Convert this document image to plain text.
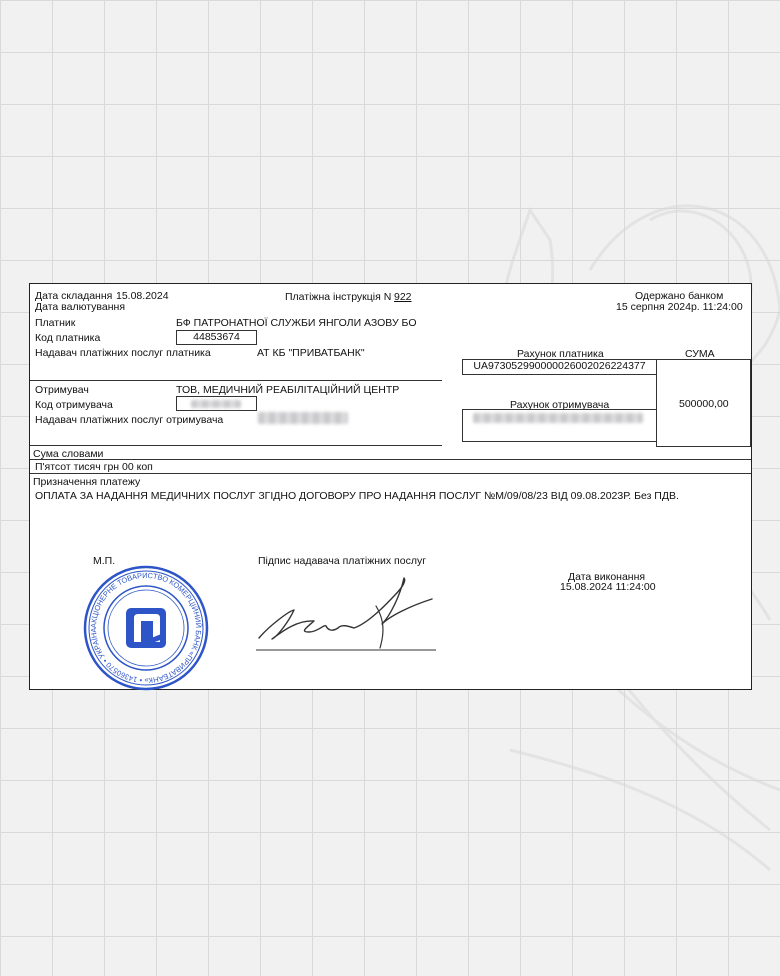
Дата складання 15.08.2024
Дата валютування
Платіжна інструкція N 922	Одержано банком
15 серпня 2024р. 11:24:00
Платник	БФ ПАТРОНАТНОЇ СЛУЖБИ ЯНГОЛИ АЗОВУ БО
Код платника	44853674
Надавач платіжних послуг платника	АТ КБ "ПРИВАТБАНК"	Рахунок платника	СУМА
UA973052990000026002026224377
500000,00
Отримувач	ТОВ, МЕДИЧНИЙ РЕАБІЛІТАЦІЙНИЙ ЦЕНТР
Код отримувача
Надавач платіжних послуг отримувача
Рахунок отримувача
Сума словами
П'ятсот тисяч грн 00 коп
Призначення платежу
ОПЛАТА ЗА НАДАННЯ МЕДИЧНИХ ПОСЛУГ ЗГІДНО ДОГОВОРУ ПРО НАДАННЯ ПОСЛУГ №М/09/08/23 ВІД 09.08.2023Р. Без ПДВ.
М.П.	Підпис надавача платіжних послуг
Дата виконання
15.08.2024 11:24:00
АКЦІОНЕРНЕ ТОВАРИСТВО КОМЕРЦІЙНИЙ БАНК «ПРИВАТБАНК» • 14360570 • УКРАЇНА
